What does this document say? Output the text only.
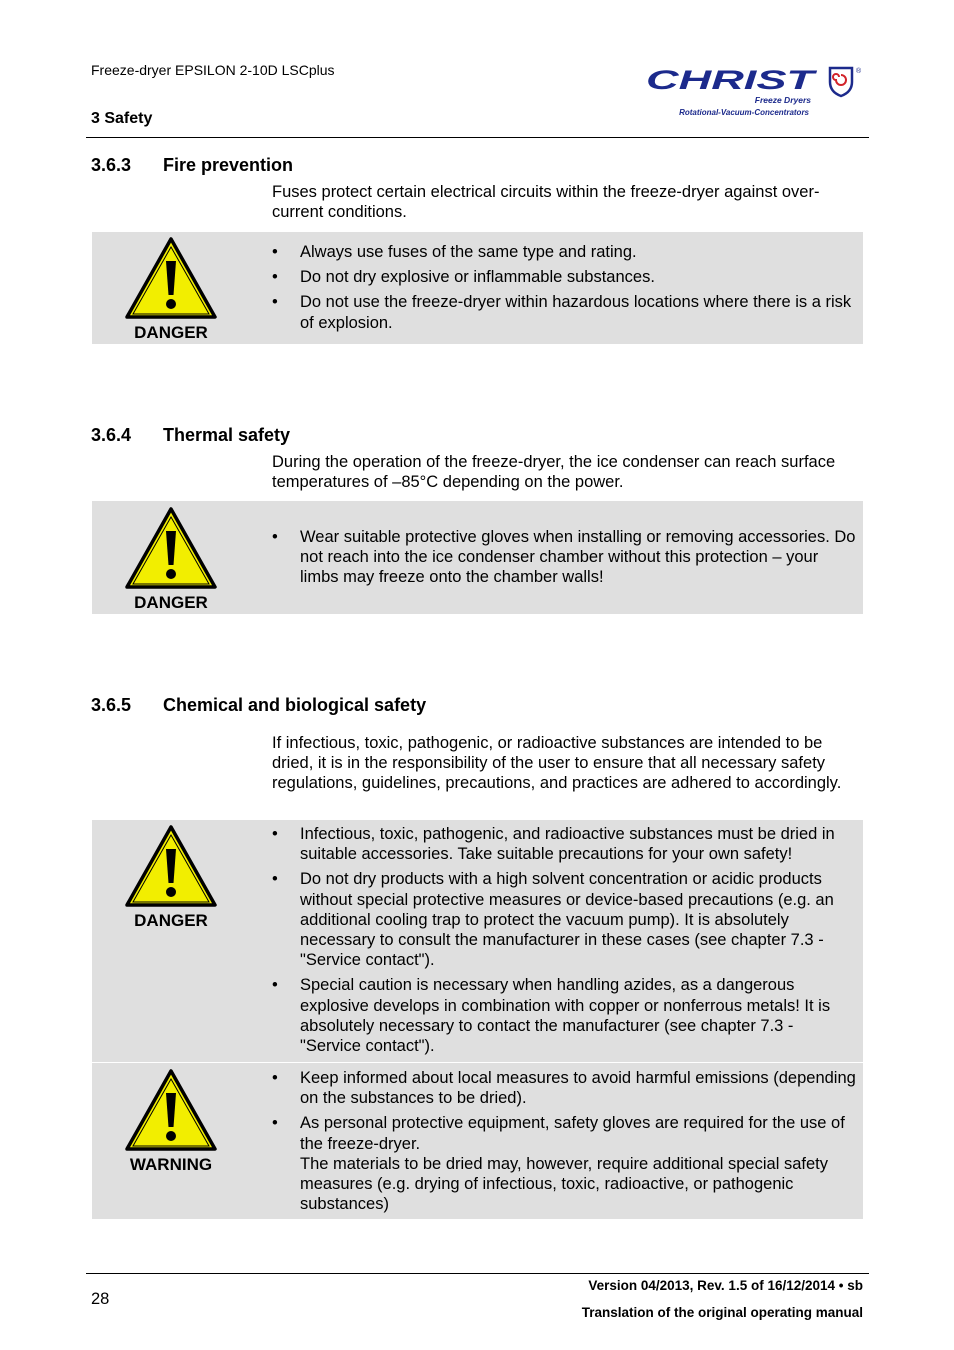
Freeze-dryer EPSILON 2-10D LSCplus
3 Safety
CHRIST	®
Freeze Dryers
Rotational-Vacuum-Concentrators
3.6.3 Fire prevention
Fuses protect certain electrical circuits within the freeze-dryer against over-current conditions.
DANGER
• Always use fuses of the same type and rating.
• Do not dry explosive or inflammable substances.
• Do not use the freeze-dryer within hazardous locations where there is a risk of explosion.
3.6.4 Thermal safety
During the operation of the freeze-dryer, the ice condenser can reach surface temperatures of –85°C depending on the power.
DANGER
• Wear suitable protective gloves when installing or removing accessories. Do not reach into the ice condenser chamber without this protection – your limbs may freeze onto the chamber walls!
3.6.5 Chemical and biological safety
If infectious, toxic, pathogenic, or radioactive substances are intended to be dried, it is in the responsibility of the user to ensure that all necessary safety regulations, guidelines, precautions, and practices are adhered to accordingly.
DANGER
• Infectious, toxic, pathogenic, and radioactive substances must be dried in suitable accessories. Take suitable precautions for your own safety!
• Do not dry products with a high solvent concentration or acidic products without special protective measures or device-based precautions (e.g. an additional cooling trap to protect the vacuum pump). It is absolutely necessary to consult the manufacturer in these cases (see chapter 7.3 - "Service contact").
• Special caution is necessary when handling azides, as a dangerous explosive develops in combination with copper or nonferrous metals! It is absolutely necessary to contact the manufacturer (see chapter 7.3 - "Service contact").
WARNING
• Keep informed about local measures to avoid harmful emissions (depending on the substances to be dried).
• As personal protective equipment, safety gloves are required for the use of the freeze-dryer.
The materials to be dried may, however, require additional special safety measures (e.g. drying of infectious, toxic, radioactive, or pathogenic substances)
28
Version 04/2013, Rev. 1.5 of 16/12/2014 • sb
Translation of the original operating manual
